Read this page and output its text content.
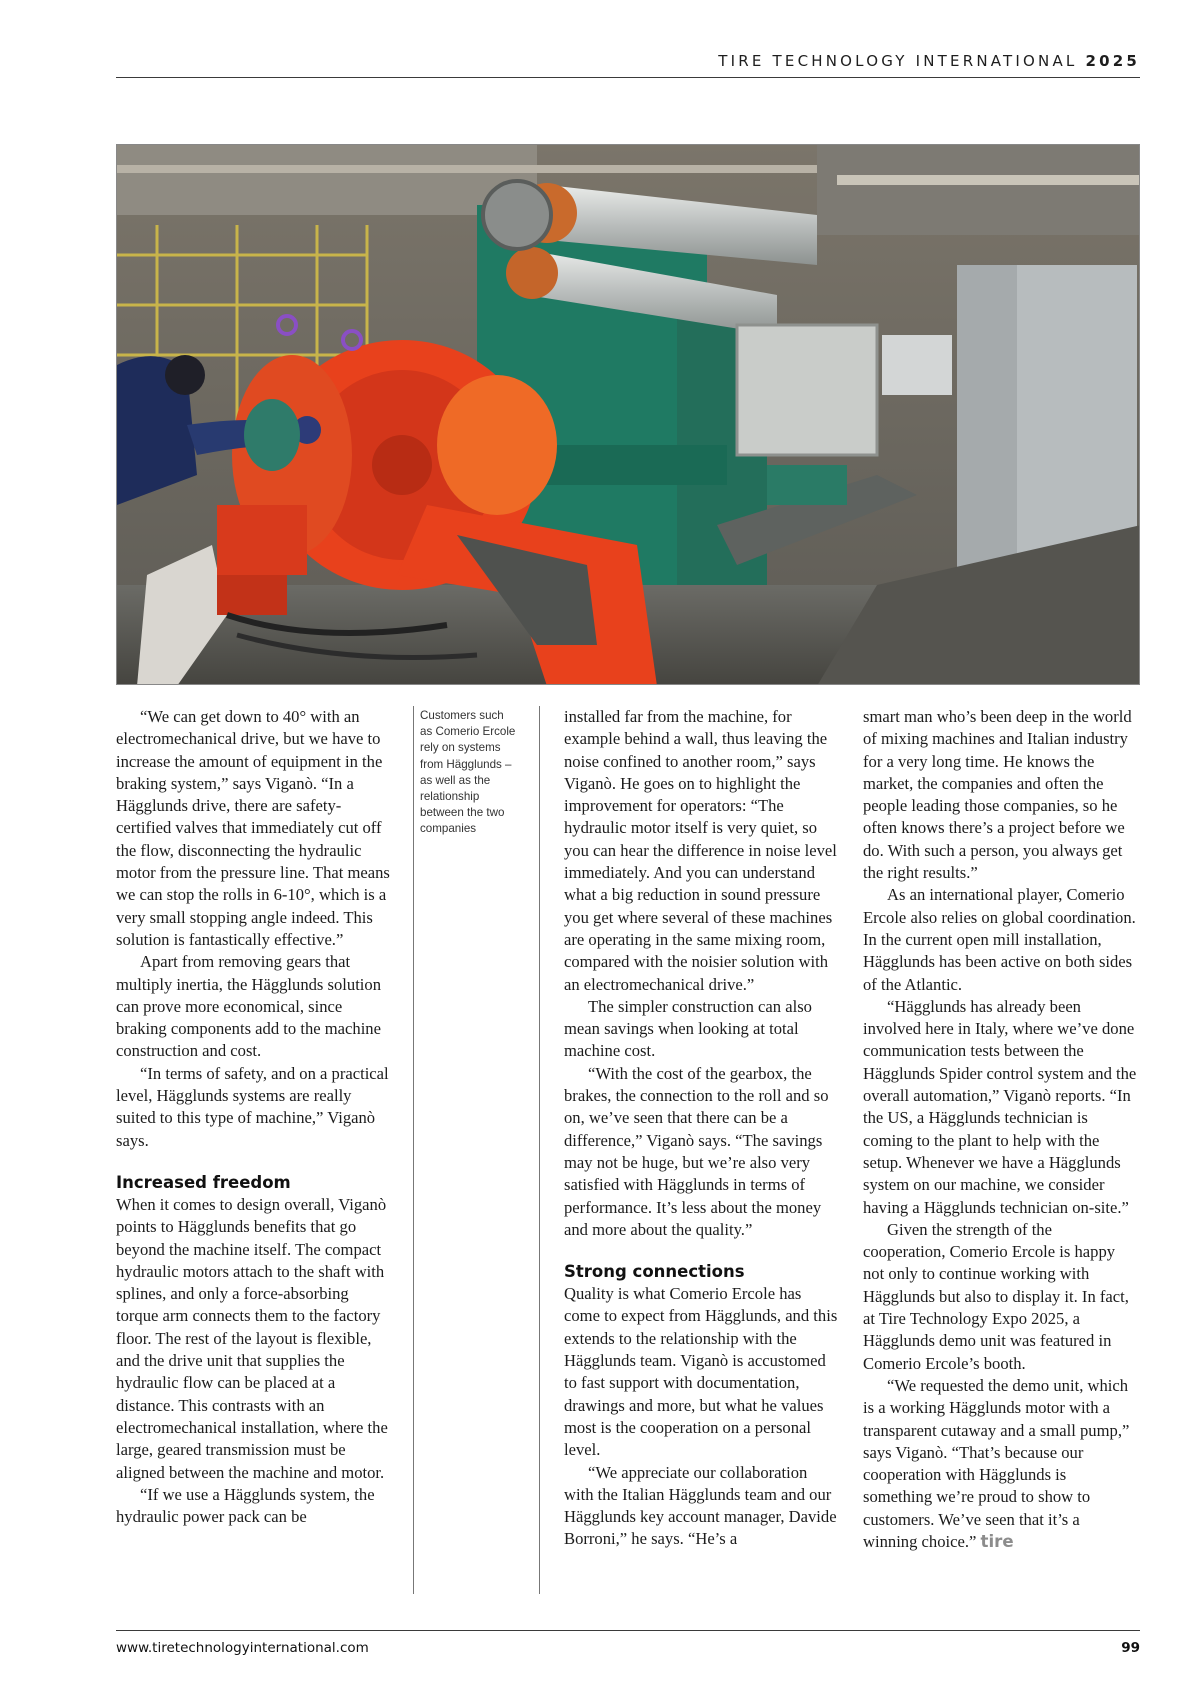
TIRE TECHNOLOGY INTERNATIONAL 2025

“We can get down to 40° with an electromechanical drive, but we have to increase the amount of equipment in the braking system,” says Viganò. “In a Hägglunds drive, there are safety-certified valves that immediately cut off the flow, disconnecting the hydraulic motor from the pressure line. That means we can stop the rolls in 6-10°, which is a very small stopping angle indeed. This solution is fantastically effective.”

Apart from removing gears that multiply inertia, the Hägglunds solution can prove more economical, since braking components add to the machine construction and cost.

“In terms of safety, and on a practical level, Hägglunds systems are really suited to this type of machine,” Viganò says.

Increased freedom

When it comes to design overall, Viganò points to Hägglunds benefits that go beyond the machine itself. The compact hydraulic motors attach to the shaft with splines, and only a force-absorbing torque arm connects them to the factory floor. The rest of the layout is flexible, and the drive unit that supplies the hydraulic flow can be placed at a distance. This contrasts with an electromechanical installation, where the large, geared transmission must be aligned between the machine and motor.

“If we use a Hägglunds system, the hydraulic power pack can be

Customers such as Comerio Ercole rely on systems from Hägglunds – as well as the relationship between the two companies

installed far from the machine, for example behind a wall, thus leaving the noise confined to another room,” says Viganò. He goes on to highlight the improvement for operators: “The hydraulic motor itself is very quiet, so you can hear the difference in noise level immediately. And you can understand what a big reduction in sound pressure you get where several of these machines are operating in the same mixing room, compared with the noisier solution with an electromechanical drive.”

The simpler construction can also mean savings when looking at total machine cost.

“With the cost of the gearbox, the brakes, the connection to the roll and so on, we’ve seen that there can be a difference,” Viganò says. “The savings may not be huge, but we’re also very satisfied with Hägglunds in terms of performance. It’s less about the money and more about the quality.”

Strong connections

Quality is what Comerio Ercole has come to expect from Hägglunds, and this extends to the relationship with the Hägglunds team. Viganò is accustomed to fast support with documentation, drawings and more, but what he values most is the cooperation on a personal level.

“We appreciate our collaboration with the Italian Hägglunds team and our Hägglunds key account manager, Davide Borroni,” he says. “He’s a

smart man who’s been deep in the world of mixing machines and Italian industry for a very long time. He knows the market, the companies and often the people leading those companies, so he often knows there’s a project before we do. With such a person, you always get the right results.”

As an international player, Comerio Ercole also relies on global coordination. In the current open mill installation, Hägglunds has been active on both sides of the Atlantic.

“Hägglunds has already been involved here in Italy, where we’ve done communication tests between the Hägglunds Spider control system and the overall automation,” Viganò reports. “In the US, a Hägglunds technician is coming to the plant to help with the setup. Whenever we have a Hägglunds system on our machine, we consider having a Hägglunds technician on-site.”

Given the strength of the cooperation, Comerio Ercole is happy not only to continue working with Hägglunds but also to display it. In fact, at Tire Technology Expo 2025, a Hägglunds demo unit was featured in Comerio Ercole’s booth.

“We requested the demo unit, which is a working Hägglunds motor with a transparent cutaway and a small pump,” says Viganò. “That’s because our cooperation with Hägglunds is something we’re proud to show to customers. We’ve seen that it’s a winning choice.” tire

www.tiretechnologyinternational.com	99
